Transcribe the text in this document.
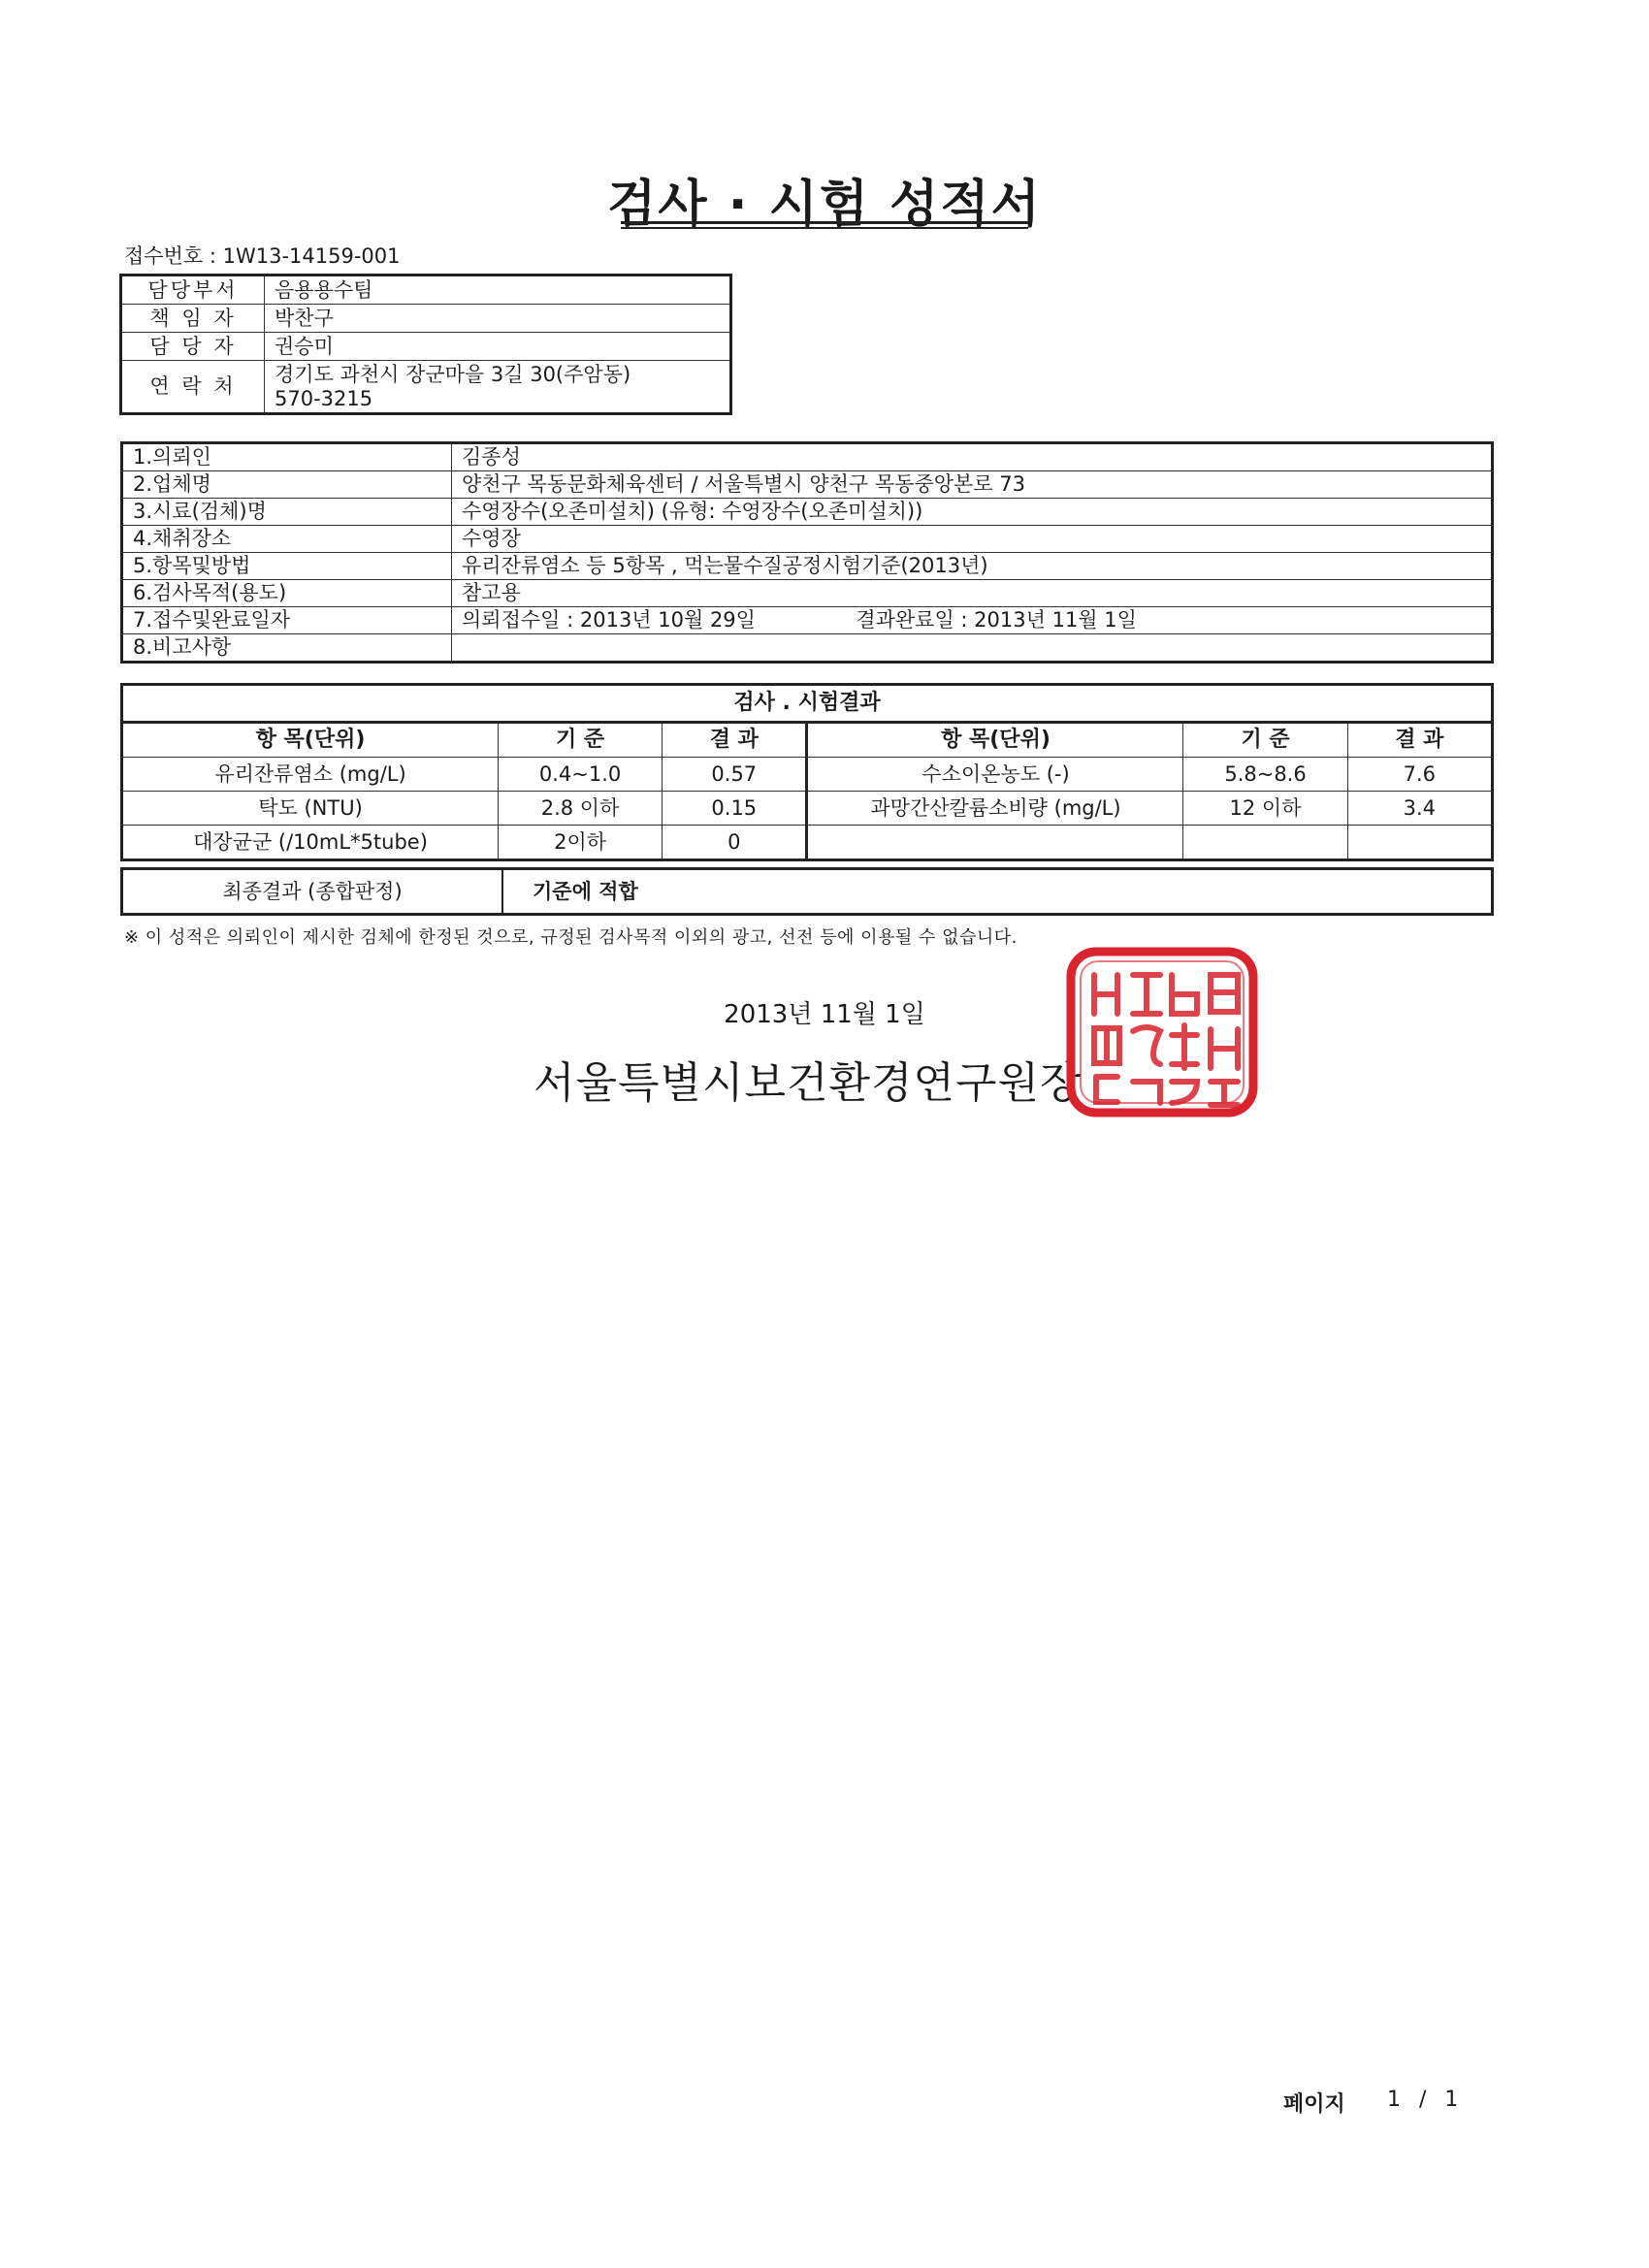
검사 · 시험 성적서
접수번호 : 1W13-14159-001
담당부서	음용용수팀
책 임 자	박찬구
담 당 자	권승미
연 락 처	경기도 과천시 장군마을 3길 30(주암동)
570-3215
1.의뢰인	김종성
2.업체명	양천구 목동문화체육센터 / 서울특별시 양천구 목동중앙본로 73
3.시료(검체)명	수영장수(오존미설치) (유형: 수영장수(오존미설치))
4.채취장소	수영장
5.항목및방법	유리잔류염소 등 5항목 , 먹는물수질공정시험기준(2013년)
6.검사목적(용도)	참고용
7.접수및완료일자	의뢰접수일 : 2013년 10월 29일 결과완료일 : 2013년 11월 1일
8.비고사항	
검사 . 시험결과					
항 목(단위)	기 준	결 과	항 목(단위)	기 준	결 과
유리잔류염소 (mg/L)	0.4~1.0	0.57	수소이온농도 (-)	5.8~8.6	7.6
탁도 (NTU)	2.8 이하	0.15	과망간산칼륨소비량 (mg/L)	12 이하	3.4
대장균군 (/10mL*5tube)	2이하	0			
최종결과 (종합판정)	기준에 적합
※ 이 성적은 의뢰인이 제시한 검체에 한정된 것으로, 규정된 검사목적 이외의 광고, 선전 등에 이용될 수 없습니다.
2013년 11월 1일
서울특별시보건환경연구원장
페이지 1 / 1
